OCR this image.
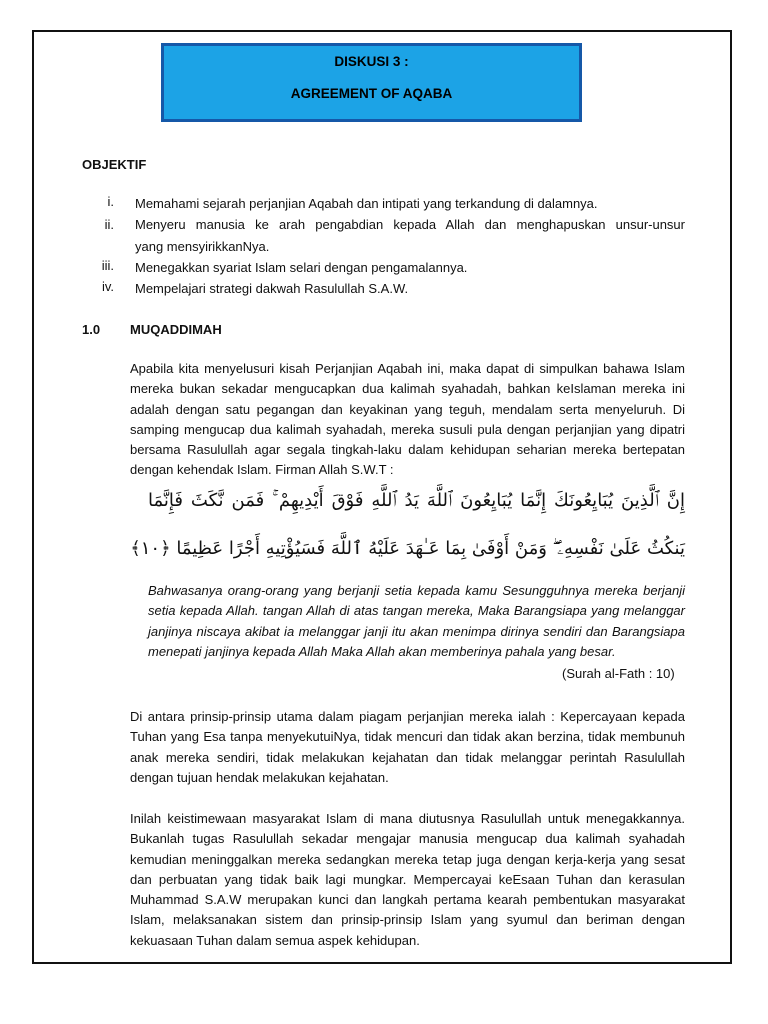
DISKUSI 3 :
AGREEMENT OF AQABA
OBJEKTIF
i. Memahami sejarah perjanjian Aqabah dan intipati yang terkandung di dalamnya.
ii. Menyeru manusia ke arah pengabdian kepada Allah dan menghapuskan unsur-unsur
yang mensyirikkanNya.
iii. Menegakkan syariat Islam selari dengan pengamalannya.
iv. Mempelajari strategi dakwah Rasulullah S.A.W.
1.0 MUQADDIMAH
Apabila kita menyelusuri kisah Perjanjian Aqabah ini, maka dapat di simpulkan bahawa Islam mereka bukan sekadar mengucapkan dua kalimah syahadah, bahkan keIslaman mereka ini adalah dengan satu pegangan dan keyakinan yang teguh, mendalam serta menyeluruh. Di samping mengucap dua kalimah syahadah, mereka susuli pula dengan perjanjian yang dipatri bersama Rasulullah agar segala tingkah-laku dalam kehidupan seharian mereka bertepatan dengan kehendak Islam. Firman Allah S.W.T :
إِنَّ ٱلَّذِينَ يُبَايِعُونَكَ إِنَّمَا يُبَايِعُونَ ٱللَّهَ يَدُ ٱللَّهِ فَوْقَ أَيْدِيهِمْ ۚ فَمَن نَّكَثَ فَإِنَّمَا
يَنكُثُ عَلَىٰ نَفْسِهِۦ ۖ وَمَنْ أَوْفَىٰ بِمَا عَـٰهَدَ عَلَيْهُ ٱللَّهَ فَسَيُؤْتِيهِ أَجْرًا عَظِيمًا ﴿١٠﴾
Bahwasanya orang-orang yang berjanji setia kepada kamu Sesungguhnya mereka berjanji setia kepada Allah. tangan Allah di atas tangan mereka, Maka Barangsiapa yang melanggar janjinya niscaya akibat ia melanggar janji itu akan menimpa dirinya sendiri dan Barangsiapa menepati janjinya kepada Allah Maka Allah akan memberinya pahala yang besar.
(Surah al-Fath : 10)
Di antara prinsip-prinsip utama dalam piagam perjanjian mereka ialah : Kepercayaan kepada Tuhan yang Esa tanpa menyekutuiNya, tidak mencuri dan tidak akan berzina, tidak membunuh anak mereka sendiri, tidak melakukan kejahatan dan tidak melanggar perintah Rasulullah dengan tujuan hendak melakukan kejahatan.
Inilah keistimewaan masyarakat Islam di mana diutusnya Rasulullah untuk menegakkannya. Bukanlah tugas Rasulullah sekadar mengajar manusia mengucap dua kalimah syahadah kemudian meninggalkan mereka sedangkan mereka tetap juga dengan kerja-kerja yang sesat dan perbuatan yang tidak baik lagi mungkar. Mempercayai keEsaan Tuhan dan kerasulan Muhammad S.A.W merupakan kunci dan langkah pertama kearah pembentukan masyarakat Islam, melaksanakan sistem dan prinsip-prinsip Islam yang syumul dan beriman dengan kekuasaan Tuhan dalam semua aspek kehidupan.
